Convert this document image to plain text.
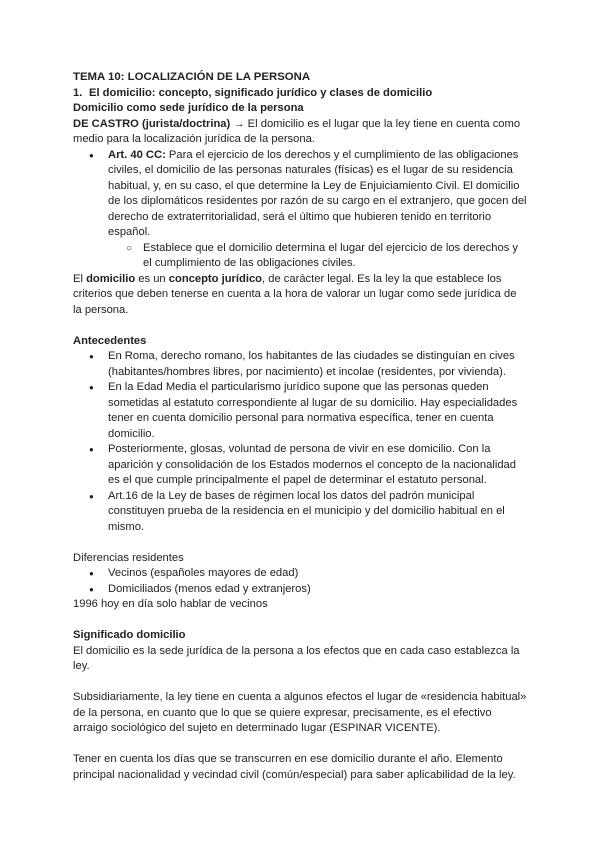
TEMA 10: LOCALIZACIÓN DE LA PERSONA

1. El domicilio: concepto, significado jurídico y clases de domicilio

Domicilio como sede jurídico de la persona

DE CASTRO (jurista/doctrina) → El domicilio es el lugar que la ley tiene en cuenta como medio para la localización jurídica de la persona.

● Art. 40 CC: Para el ejercicio de los derechos y el cumplimiento de las obligaciones civiles, el domicilio de las personas naturales (físicas) es el lugar de su residencia habitual, y, en su caso, el que determine la Ley de Enjuiciamiento Civil. El domicilio de los diplomáticos residentes por razón de su cargo en el extranjero, que gocen del derecho de extraterritorialidad, será el último que hubieren tenido en territorio español.
○ Establece que el domicilio determina el lugar del ejercicio de los derechos y el cumplimiento de las obligaciones civiles.

El domicilio es un concepto jurídico, de carácter legal. Es la ley la que establece los criterios que deben tenerse en cuenta a la hora de valorar un lugar como sede jurídica de la persona.

Antecedentes

● En Roma, derecho romano, los habitantes de las ciudades se distinguían en cives (habitantes/hombres libres, por nacimiento) et incolae (residentes, por vivienda).
● En la Edad Media el particularismo jurídico supone que las personas queden sometidas al estatuto correspondiente al lugar de su domicilio. Hay especialidades tener en cuenta domicilio personal para normativa específica, tener en cuenta domicilio.
● Posteriormente, glosas, voluntad de persona de vivir en ese domicilio. Con la aparición y consolidación de los Estados modernos el concepto de la nacionalidad es el que cumple principalmente el papel de determinar el estatuto personal.
● Art.16 de la Ley de bases de régimen local los datos del padrón municipal constituyen prueba de la residencia en el municipio y del domicilio habitual en el mismo.

Diferencias residentes

● Vecinos (españoles mayores de edad)
● Domiciliados (menos edad y extranjeros)

1996 hoy en día solo hablar de vecinos

Significado domicilio

El domicilio es la sede jurídica de la persona a los efectos que en cada caso establezca la ley.

Subsidiariamente, la ley tiene en cuenta a algunos efectos el lugar de «residencia habitual» de la persona, en cuanto que lo que se quiere expresar, precisamente, es el efectivo arraigo sociológico del sujeto en determinado lugar (ESPINAR VICENTE).

Tener en cuenta los días que se transcurren en ese domicilio durante el año. Elemento principal nacionalidad y vecindad civil (común/especial) para saber aplicabilidad de la ley.
